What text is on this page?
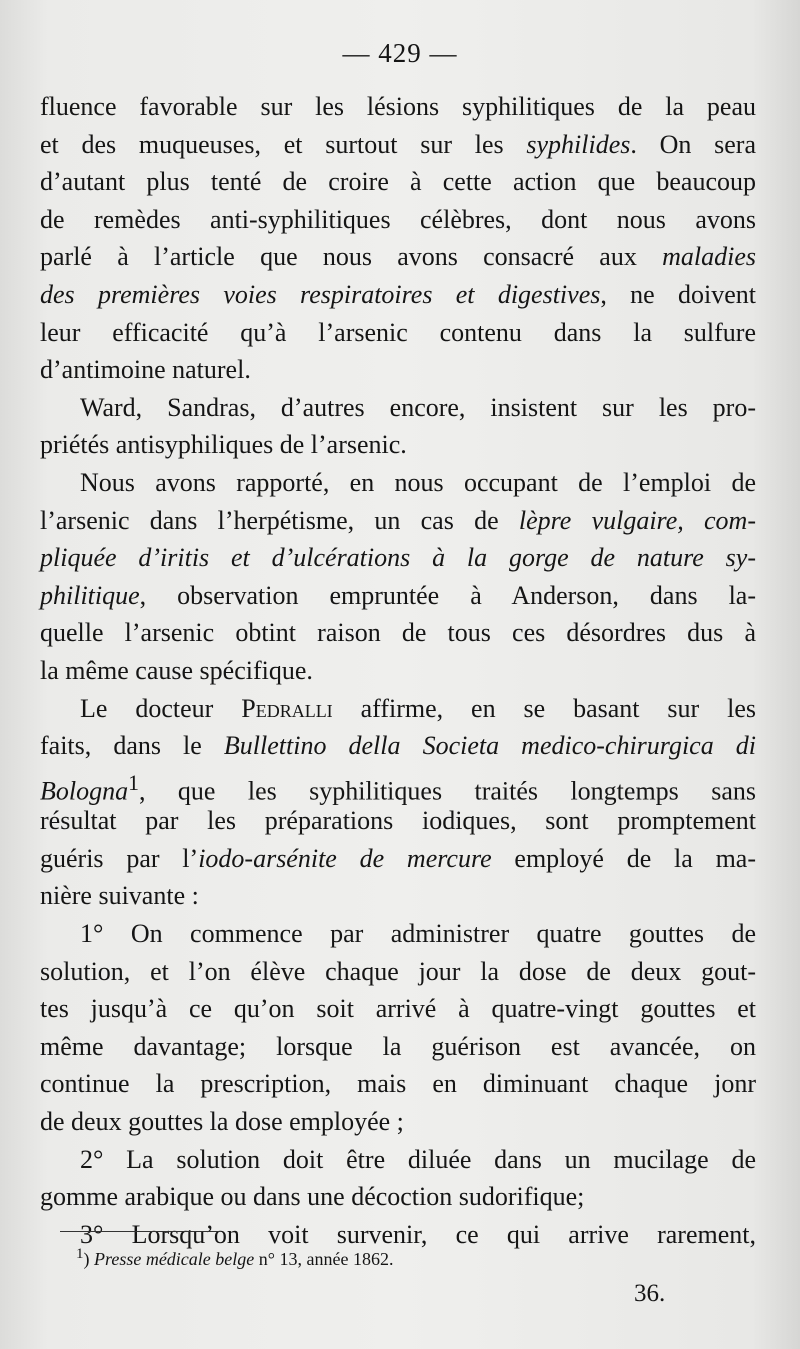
— 429 —
fluence favorable sur les lésions syphilitiques de la peau
et des muqueuses, et surtout sur les syphilides. On sera
d’autant plus tenté de croire à cette action que beaucoup
de remèdes anti-syphilitiques célèbres, dont nous avons
parlé à l’article que nous avons consacré aux maladies
des premières voies respiratoires et digestives, ne doivent
leur efficacité qu’à l’arsenic contenu dans la sulfure
d’antimoine naturel.
Ward, Sandras, d’autres encore, insistent sur les pro-
priétés antisyphiliques de l’arsenic.
Nous avons rapporté, en nous occupant de l’emploi de
l’arsenic dans l’herpétisme, un cas de lèpre vulgaire, com-
pliquée d’iritis et d’ulcérations à la gorge de nature sy-
philitique, observation empruntée à Anderson, dans la-
quelle l’arsenic obtint raison de tous ces désordres dus à
la même cause spécifique.
Le docteur Pedralli affirme, en se basant sur les
faits, dans le Bullettino della Societa medico-chirurgica di
Bologna$^1$, que les syphilitiques traités longtemps sans
résultat par les préparations iodiques, sont promptement
guéris par l’iodo-arsénite de mercure employé de la ma-
nière suivante :
1° On commence par administrer quatre gouttes de
solution, et l’on élève chaque jour la dose de deux gout-
tes jusqu’à ce qu’on soit arrivé à quatre-vingt gouttes et
même davantage; lorsque la guérison est avancée, on
continue la prescription, mais en diminuant chaque jonr
de deux gouttes la dose employée ;
2° La solution doit être diluée dans un mucilage de
gomme arabique ou dans une décoction sudorifique;
3° Lorsqu’on voit survenir, ce qui arrive rarement,
$^1$) Presse médicale belge n° 13, année 1862.
36.
